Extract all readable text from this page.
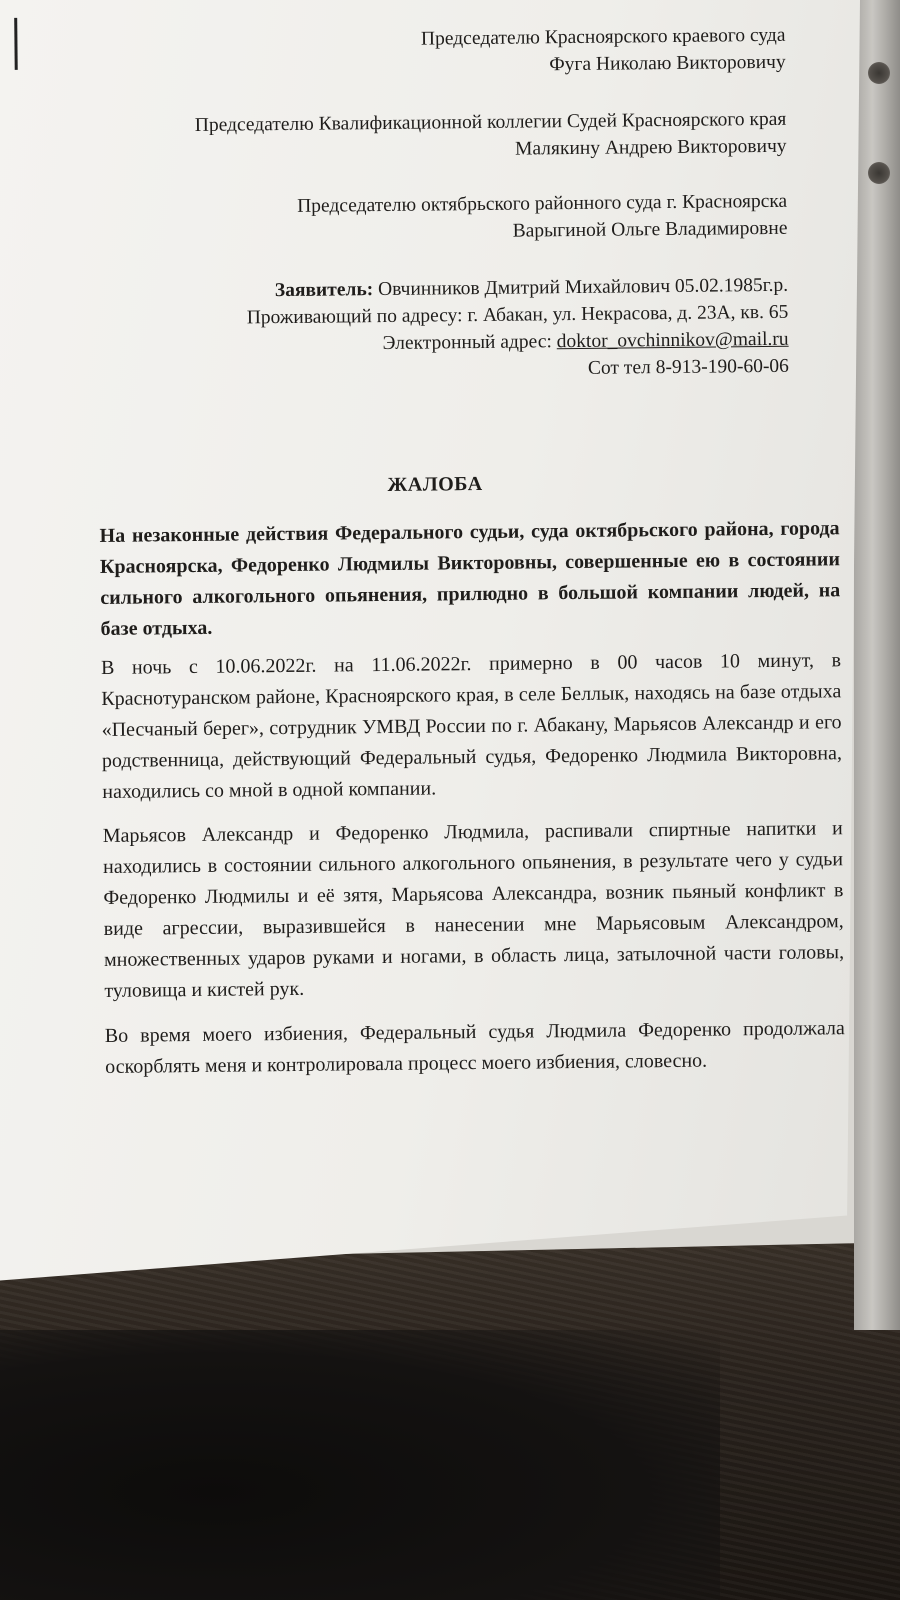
Председателю Красноярского краевого суда
Фуга Николаю Викторовичу
Председателю Квалификационной коллегии Судей Красноярского края
Малякину Андрею Викторовичу
Председателю октябрьского районного суда г. Красноярска
Варыгиной Ольге Владимировне
Заявитель: Овчинников Дмитрий Михайлович 05.02.1985г.р.
Проживающий по адресу: г. Абакан, ул. Некрасова, д. 23А, кв. 65
Электронный адрес: doktor_ovchinnikov@mail.ru
Сот тел 8-913-190-60-06
ЖАЛОБА
На незаконные действия Федерального судьи, суда октябрьского района, города Красноярска, Федоренко Людмилы Викторовны, совершенные ею в состоянии сильного алкогольного опьянения, прилюдно в большой компании людей, на базе отдыха.
В ночь с 10.06.2022г. на 11.06.2022г. примерно в 00 часов 10 минут, в Краснотуранском районе, Красноярского края, в селе Беллык, находясь на базе отдыха «Песчаный берег», сотрудник УМВД России по г. Абакану, Марьясов Александр и его родственница, действующий Федеральный судья, Федоренко Людмила Викторовна, находились со мной в одной компании.
Марьясов Александр и Федоренко Людмила, распивали спиртные напитки и находились в состоянии сильного алкогольного опьянения, в результате чего у судьи Федоренко Людмилы и её зятя, Марьясова Александра, возник пьяный конфликт в виде агрессии, выразившейся в нанесении мне Марьясовым Александром, множественных ударов руками и ногами, в область лица, затылочной части головы, туловища и кистей рук.
Во время моего избиения, Федеральный судья Людмила Федоренко продолжала оскорблять меня и контролировала процесс моего избиения, словесно.
